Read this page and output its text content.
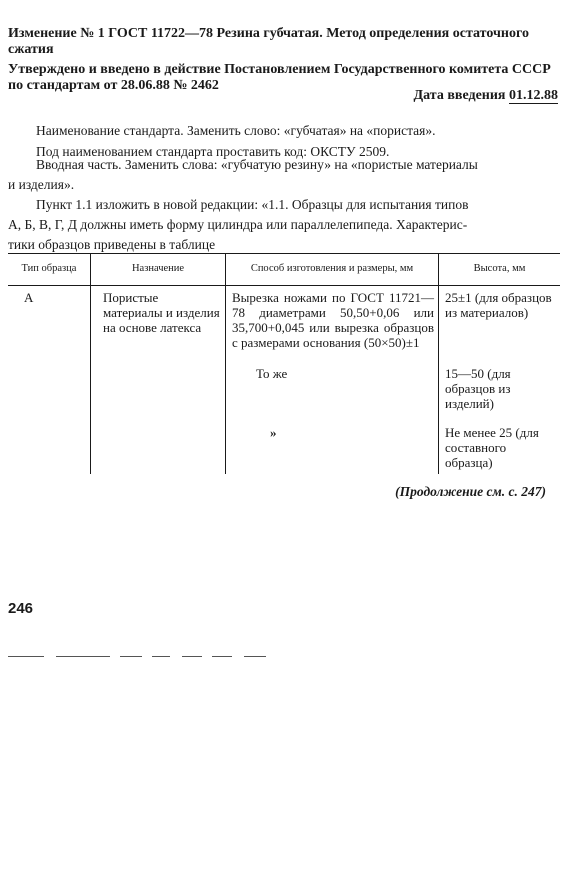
Изменение № 1 ГОСТ 11722—78 Резина губчатая. Метод определения остаточного сжатия
Утверждено и введено в действие Постановлением Государственного комитета СССР по стандартам от 28.06.88 № 2462
Дата введения 01.12.88
Наименование стандарта. Заменить слово: «губчатая» на «пористая».
Под наименованием стандарта проставить код: ОКСТУ 2509.
Вводная часть. Заменить слова: «губчатую резину» на «пористые материалы
и изделия».
Пункт 1.1 изложить в новой редакции: «1.1. Образцы для испытания типов
А, Б, В, Г, Д должны иметь форму цилиндра или параллелепипеда. Характерис-
тики образцов приведены в таблице
Тип образца	Назначение	Способ изготовления и размеры, мм	Высота, мм
А	Пористые материалы и изделия на основе латекса	Вырезка ножами по ГОСТ 11721—78 диаметрами 50,50+0,06 или 35,700+0,045 или вырезка образцов с размерами основания (50×50)±1	25±1 (для образцов из материалов)
		То же	15—50 (для образцов из изделий)
		»	Не менее 25 (для составного образца)
(Продолжение см. с. 247)
246
